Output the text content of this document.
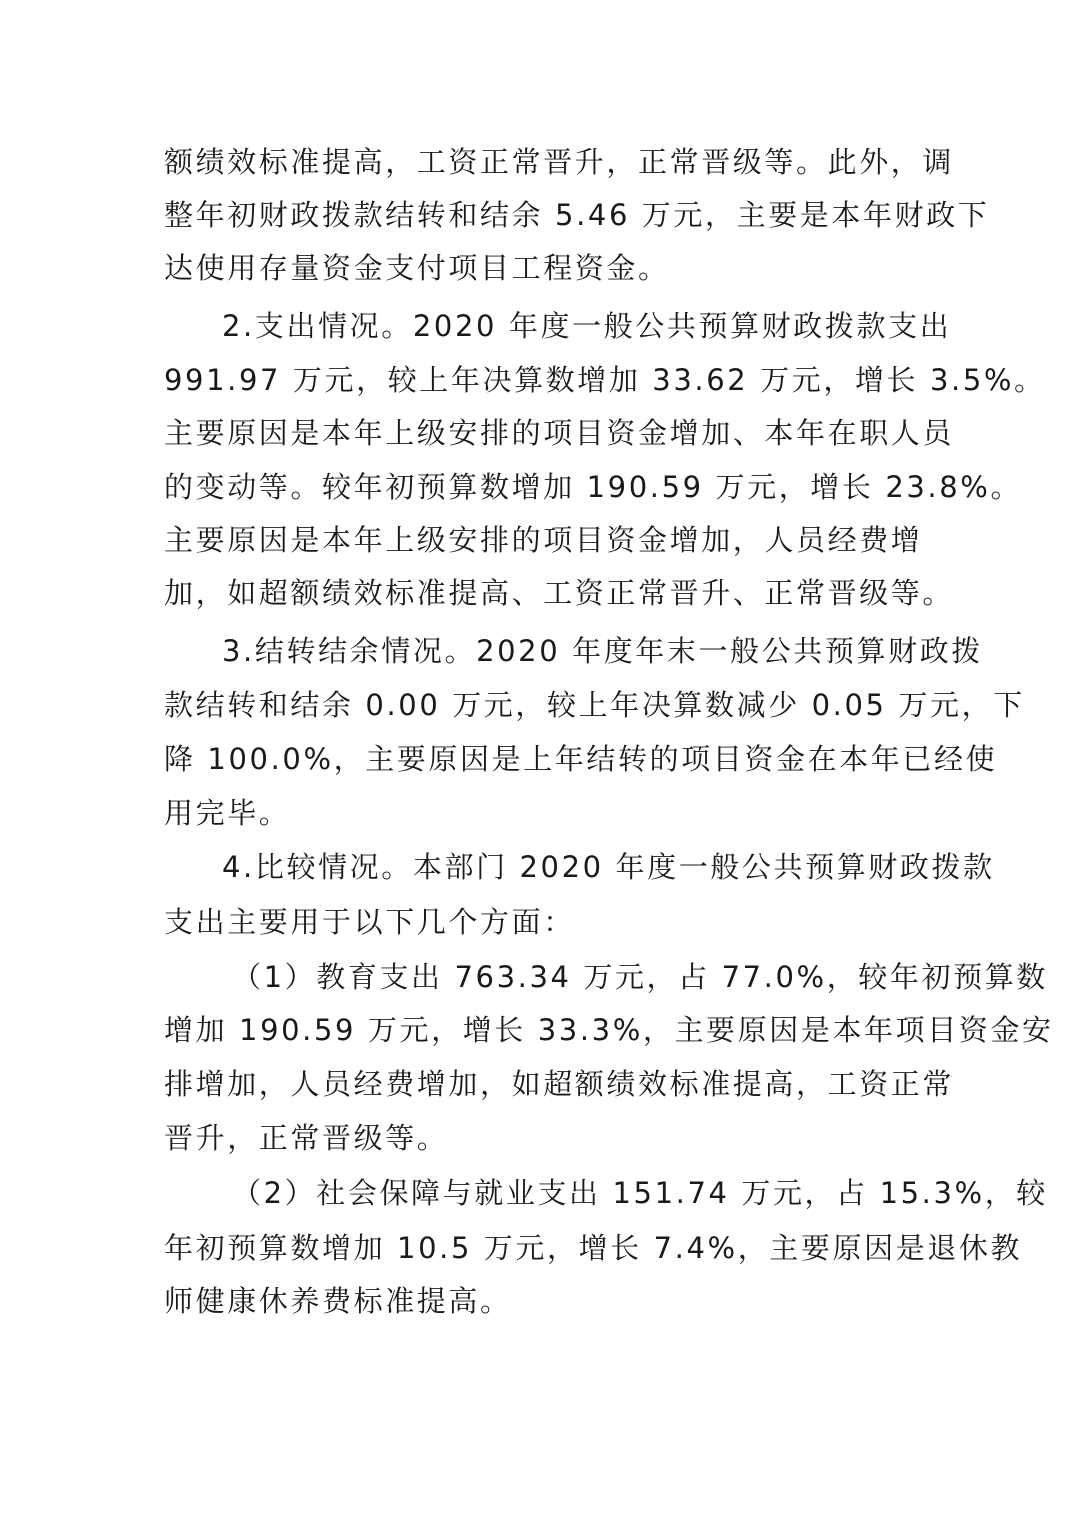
额绩效标准提高，工资正常晋升，正常晋级等。此外，调

整年初财政拨款结转和结余 5.46 万元，主要是本年财政下

达使用存量资金支付项目工程资金。

2.支出情况。2020 年度一般公共预算财政拨款支出

991.97 万元，较上年决算数增加 33.62 万元，增长 3.5%。

主要原因是本年上级安排的项目资金增加、本年在职人员

的变动等。较年初预算数增加 190.59 万元，增长 23.8%。

主要原因是本年上级安排的项目资金增加，人员经费增

加，如超额绩效标准提高、工资正常晋升、正常晋级等。

3.结转结余情况。2020 年度年末一般公共预算财政拨

款结转和结余 0.00 万元，较上年决算数减少 0.05 万元，下

降 100.0%，主要原因是上年结转的项目资金在本年已经使

用完毕。

4.比较情况。本部门 2020 年度一般公共预算财政拨款

支出主要用于以下几个方面：

（1）教育支出 763.34 万元，占 77.0%，较年初预算数

增加 190.59 万元，增长 33.3%，主要原因是本年项目资金安

排增加，人员经费增加，如超额绩效标准提高，工资正常

晋升，正常晋级等。

（2）社会保障与就业支出 151.74 万元，占 15.3%，较

年初预算数增加 10.5 万元，增长 7.4%，主要原因是退休教

师健康休养费标准提高。
